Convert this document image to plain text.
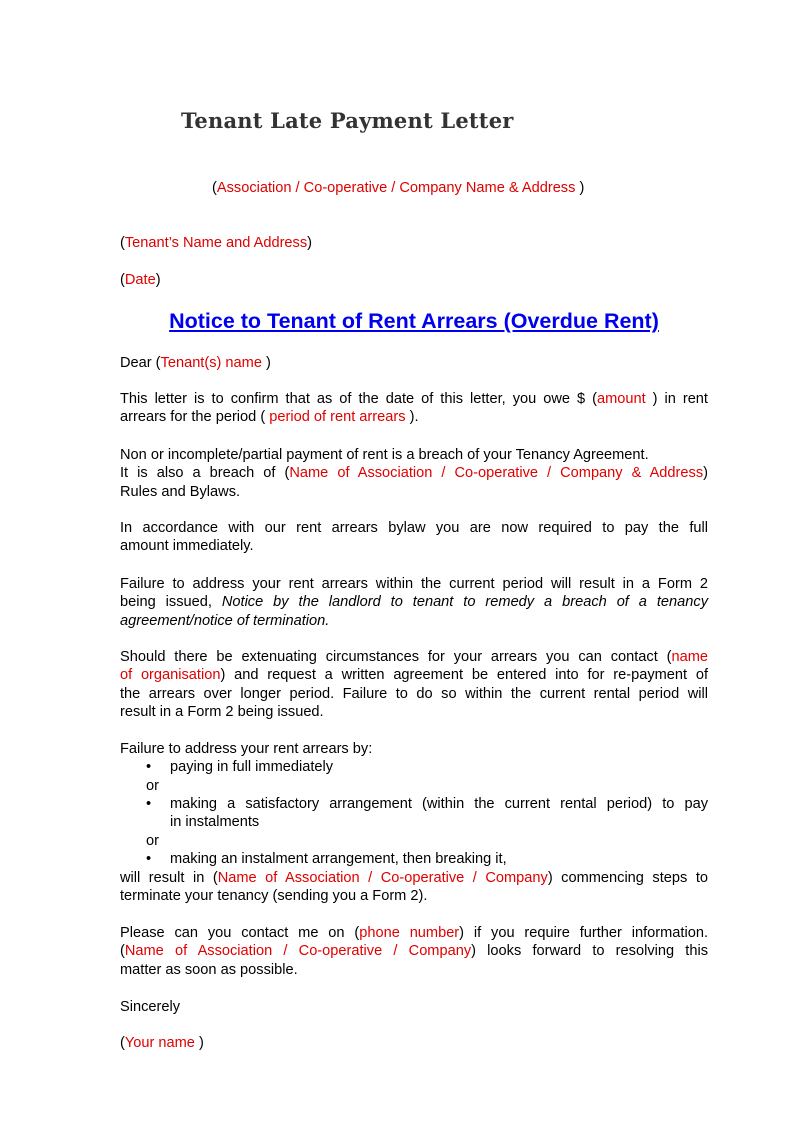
Tenant Late Payment Letter
(Association / Co-operative / Company Name & Address )
(Tenant’s Name and Address)
(Date)
Notice to Tenant of Rent Arrears (Overdue Rent)
Dear (Tenant(s) name )
This letter is to confirm that as of the date of this letter, you owe $ (amount ) in rent
arrears for the period ( period of rent arrears ).
Non or incomplete/partial payment of rent is a breach of your Tenancy Agreement.
It is also a breach of (Name of Association / Co-operative / Company & Address)
Rules and Bylaws.
In accordance with our rent arrears bylaw you are now required to pay the full
amount immediately.
Failure to address your rent arrears within the current period will result in a Form 2
being issued, Notice by the landlord to tenant to remedy a breach of a tenancy
agreement/notice of termination.
Should there be extenuating circumstances for your arrears you can contact (name
of organisation) and request a written agreement be entered into for re-payment of
the arrears over longer period. Failure to do so within the current rental period will
result in a Form 2 being issued.
Failure to address your rent arrears by:
• paying in full immediately
or
• making a satisfactory arrangement (within the current rental period) to pay
in instalments
or
• making an instalment arrangement, then breaking it,
will result in (Name of Association / Co-operative / Company) commencing steps to
terminate your tenancy (sending you a Form 2).
Please can you contact me on (phone number) if you require further information.
(Name of Association / Co-operative / Company) looks forward to resolving this
matter as soon as possible.
Sincerely
(Your name )
